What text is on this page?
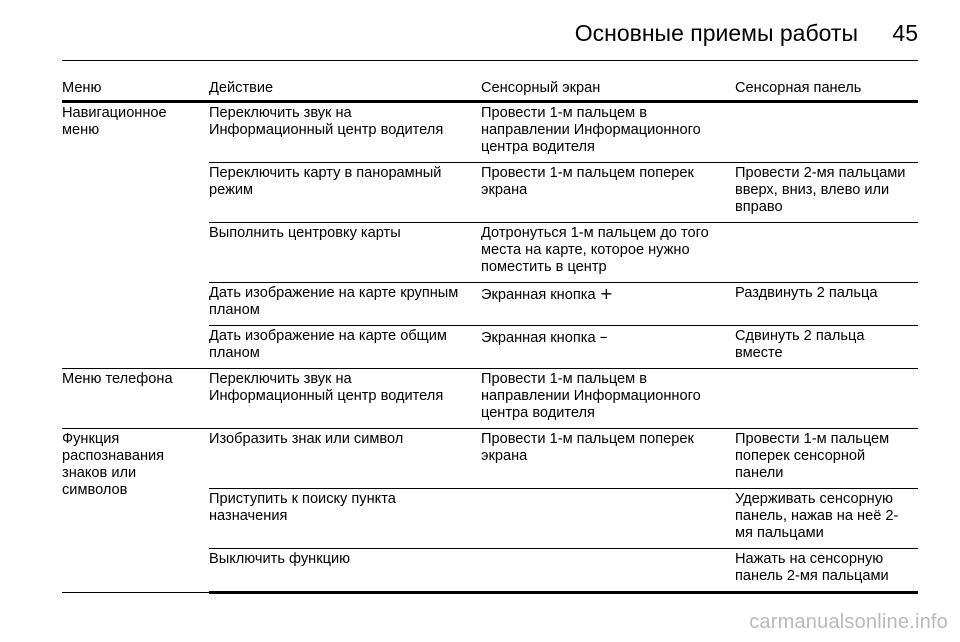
Основные приемы работы 45
Меню	Действие	Сенсорный экран	Сенсорная панель
Навигационное меню	Переключить звук на Информационный центр водителя	Провести 1-м пальцем в направлении Информационного центра водителя	
	Переключить карту в панорамный режим	Провести 1-м пальцем поперек экрана	Провести 2-мя пальцами вверх, вниз, влево или вправо
	Выполнить центровку карты	Дотронуться 1-м пальцем до того места на карте, которое нужно поместить в центр	
	Дать изображение на карте крупным планом	Экранная кнопка +	Раздвинуть 2 пальца
	Дать изображение на карте общим планом	Экранная кнопка –	Сдвинуть 2 пальца вместе
Меню телефона	Переключить звук на Информационный центр водителя	Провести 1-м пальцем в направлении Информационного центра водителя	
Функция распознавания знаков или символов	Изобразить знак или символ	Провести 1-м пальцем поперек экрана	Провести 1-м пальцем поперек сенсорной панели
	Приступить к поиску пункта назначения		Удерживать сенсорную панель, нажав на неё 2-мя пальцами
	Выключить функцию		Нажать на сенсорную панель 2-мя пальцами
carmanualsonline.info
